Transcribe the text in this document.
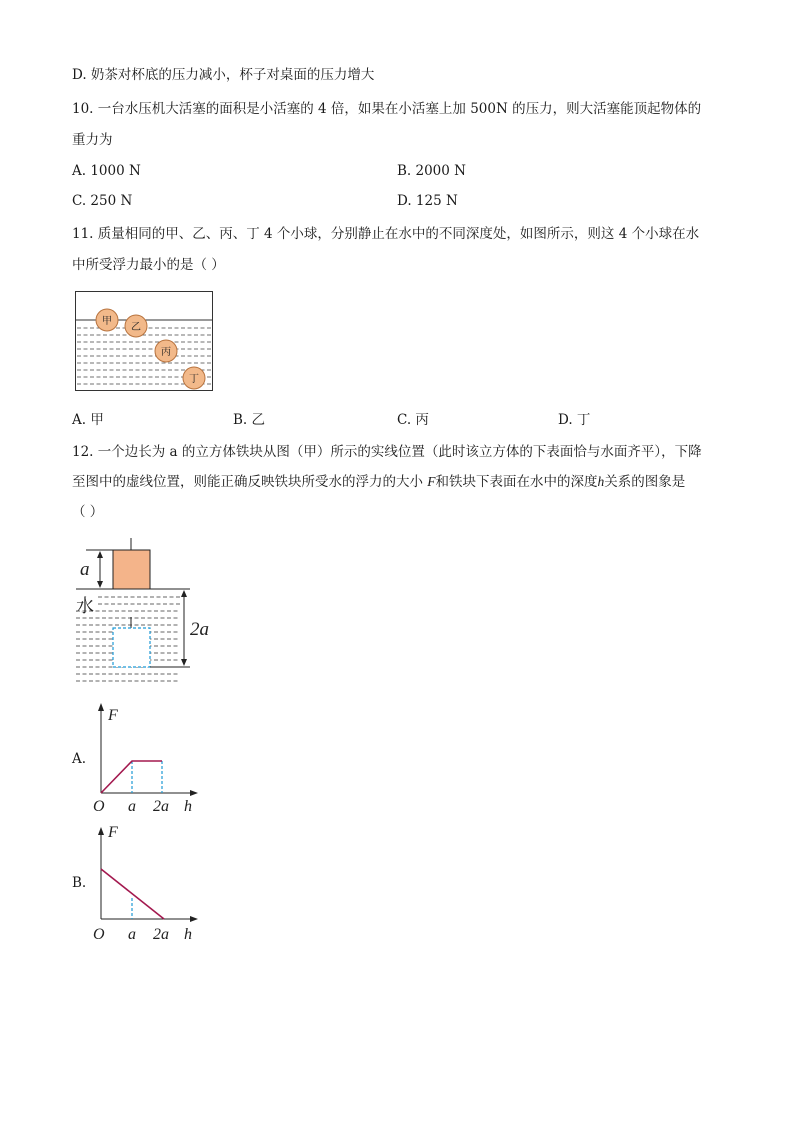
D. 奶茶对杯底的压力减小，杯子对桌面的压力增大
10. 一台水压机大活塞的面积是小活塞的 4 倍，如果在小活塞上加 500N 的压力，则大活塞能顶起物体的
重力为
A. 1000 N	B. 2000 N
C. 250 N	D. 125 N
11. 质量相同的甲、乙、丙、丁 4 个小球，分别静止在水中的不同深度处，如图所示，则这 4 个小球在水
中所受浮力最小的是（ ）
甲
乙
丙
丁
A. 甲	B. 乙	C. 丙	D. 丁
12. 一个边长为 a 的立方体铁块从图（甲）所示的实线位置（此时该立方体的下表面恰与水面齐平），下降
至图中的虚线位置，则能正确反映铁块所受水的浮力的大小 F和铁块下表面在水中的深度h关系的图象是
（ ）
a
水
2a
A.
F
O a 2a h
B.
F
O a 2a h
